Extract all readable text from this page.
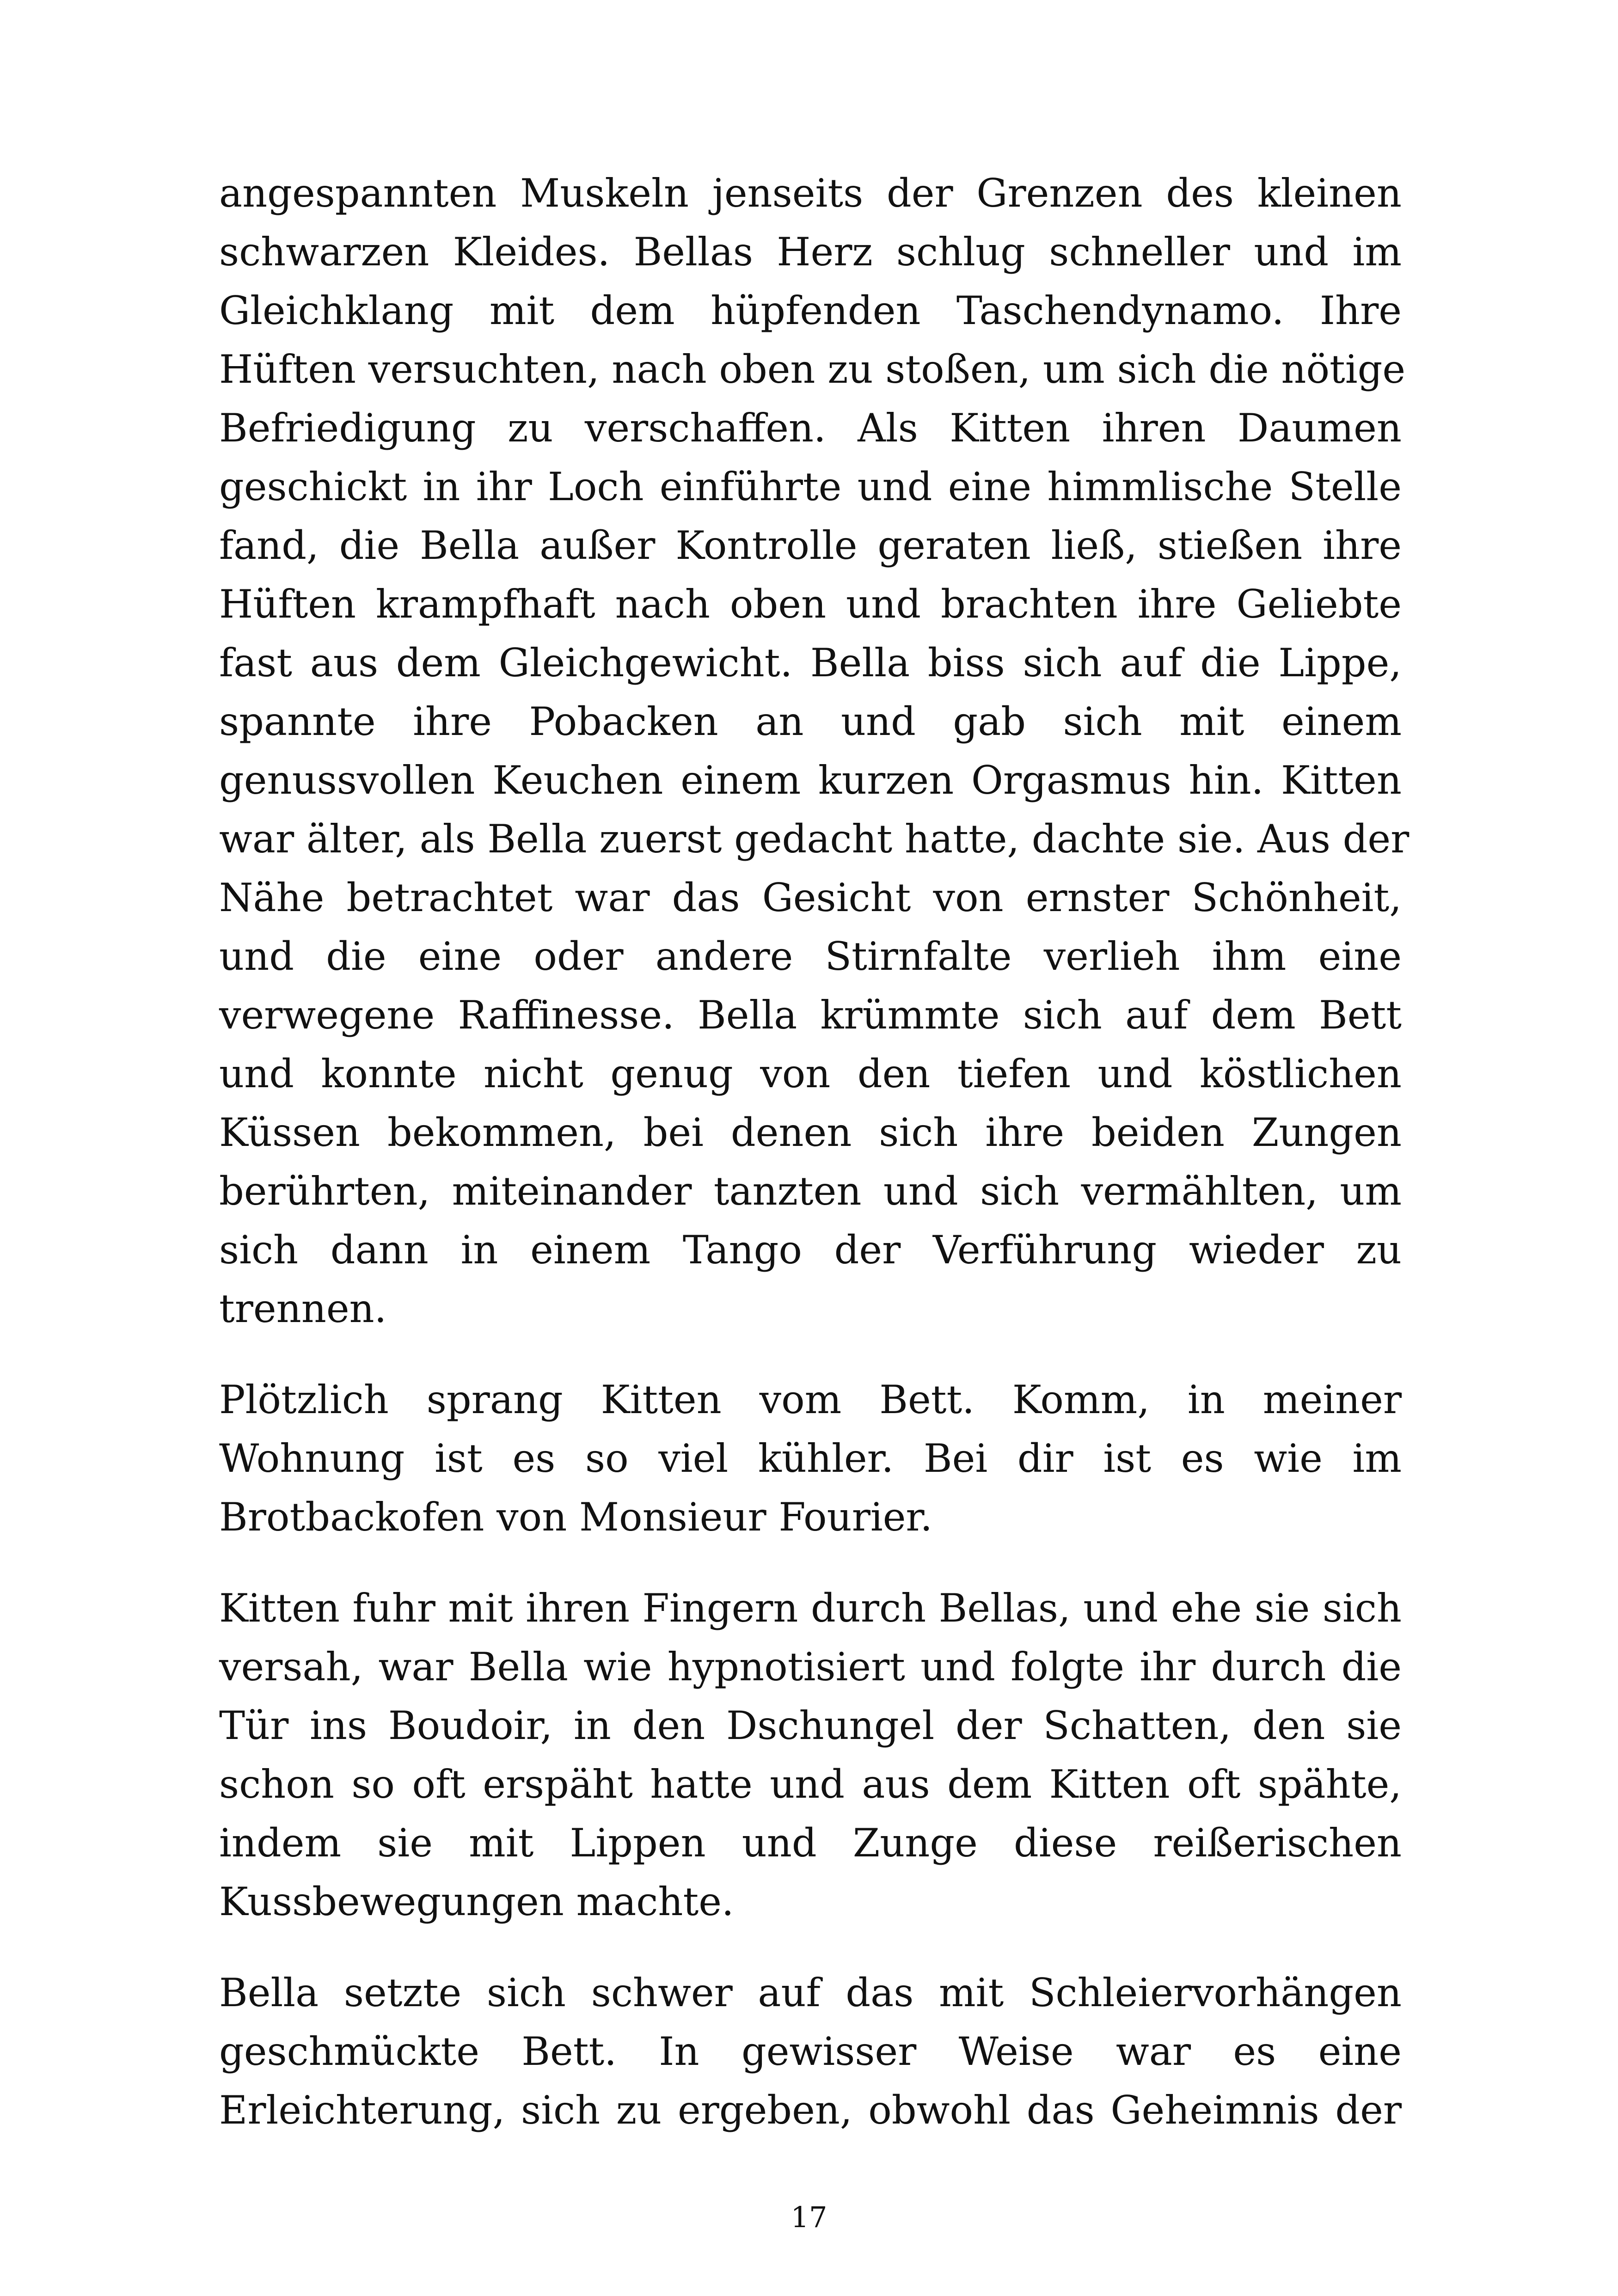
angespannten Muskeln jenseits der Grenzen des kleinen
schwarzen Kleides. Bellas Herz schlug schneller und im
Gleichklang mit dem hüpfenden Taschendynamo. Ihre
Hüften versuchten, nach oben zu stoßen, um sich die nötige
Befriedigung zu verschaffen. Als Kitten ihren Daumen
geschickt in ihr Loch einführte und eine himmlische Stelle
fand, die Bella außer Kontrolle geraten ließ, stießen ihre
Hüften krampfhaft nach oben und brachten ihre Geliebte
fast aus dem Gleichgewicht. Bella biss sich auf die Lippe,
spannte ihre Pobacken an und gab sich mit einem
genussvollen Keuchen einem kurzen Orgasmus hin. Kitten
war älter, als Bella zuerst gedacht hatte, dachte sie. Aus der
Nähe betrachtet war das Gesicht von ernster Schönheit,
und die eine oder andere Stirnfalte verlieh ihm eine
verwegene Raffinesse. Bella krümmte sich auf dem Bett
und konnte nicht genug von den tiefen und köstlichen
Küssen bekommen, bei denen sich ihre beiden Zungen
berührten, miteinander tanzten und sich vermählten, um
sich dann in einem Tango der Verführung wieder zu
trennen.
Plötzlich sprang Kitten vom Bett. Komm, in meiner
Wohnung ist es so viel kühler. Bei dir ist es wie im
Brotbackofen von Monsieur Fourier.
Kitten fuhr mit ihren Fingern durch Bellas, und ehe sie sich
versah, war Bella wie hypnotisiert und folgte ihr durch die
Tür ins Boudoir, in den Dschungel der Schatten, den sie
schon so oft erspäht hatte und aus dem Kitten oft spähte,
indem sie mit Lippen und Zunge diese reißerischen
Kussbewegungen machte.
Bella setzte sich schwer auf das mit Schleiervorhängen
geschmückte Bett. In gewisser Weise war es eine
Erleichterung, sich zu ergeben, obwohl das Geheimnis der
17
